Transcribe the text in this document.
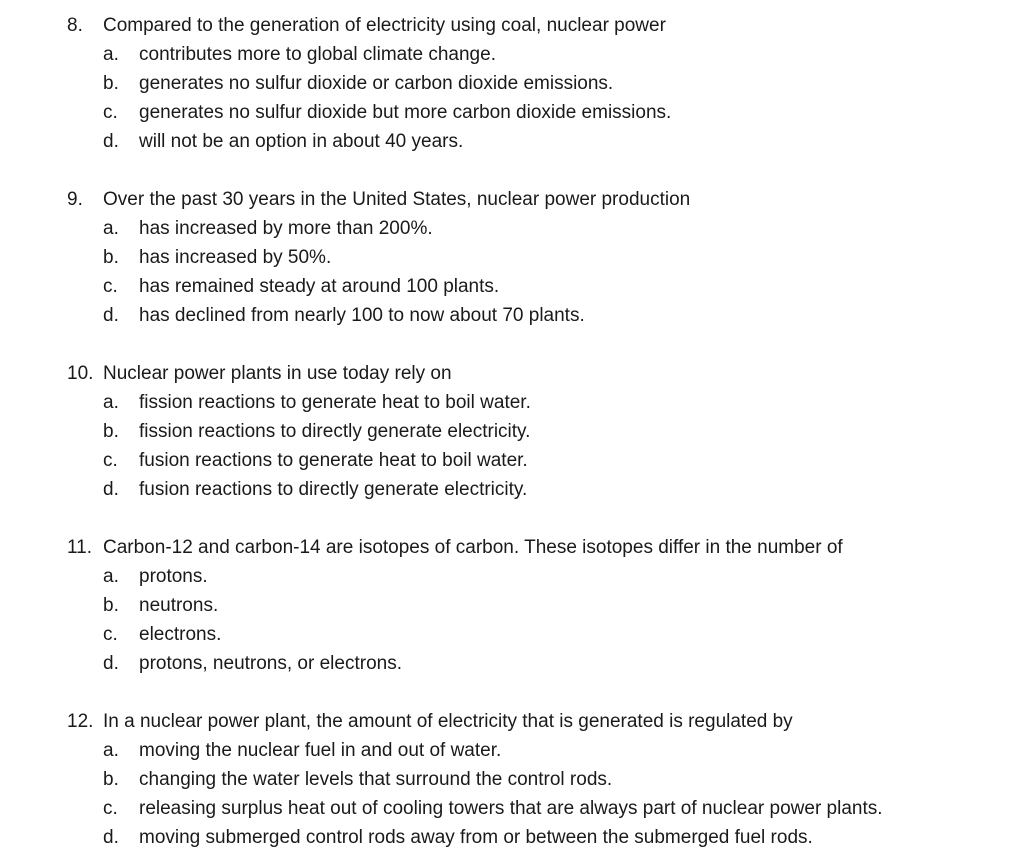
8. Compared to the generation of electricity using coal, nuclear power
a. contributes more to global climate change.
b. generates no sulfur dioxide or carbon dioxide emissions.
c. generates no sulfur dioxide but more carbon dioxide emissions.
d. will not be an option in about 40 years.
9. Over the past 30 years in the United States, nuclear power production
a. has increased by more than 200%.
b. has increased by 50%.
c. has remained steady at around 100 plants.
d. has declined from nearly 100 to now about 70 plants.
10. Nuclear power plants in use today rely on
a. fission reactions to generate heat to boil water.
b. fission reactions to directly generate electricity.
c. fusion reactions to generate heat to boil water.
d. fusion reactions to directly generate electricity.
11. Carbon-12 and carbon-14 are isotopes of carbon. These isotopes differ in the number of
a. protons.
b. neutrons.
c. electrons.
d. protons, neutrons, or electrons.
12. In a nuclear power plant, the amount of electricity that is generated is regulated by
a. moving the nuclear fuel in and out of water.
b. changing the water levels that surround the control rods.
c. releasing surplus heat out of cooling towers that are always part of nuclear power plants.
d. moving submerged control rods away from or between the submerged fuel rods.
